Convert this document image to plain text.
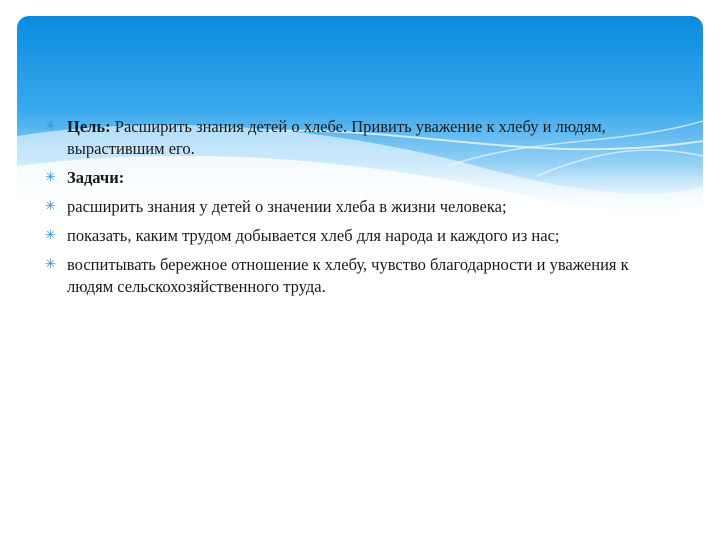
✳ Цель: Расширить знания детей о хлебе. Привить уважение к хлебу и людям, вырастившим его.
✳ Задачи:
✳ расширить знания у детей о значении хлеба в жизни человека;
✳ показать, каким трудом добывается хлеб для народа и каждого из нас;
✳ воспитывать бережное отношение к хлебу, чувство благодарности и уважения к людям сельскохозяйственного труда.
